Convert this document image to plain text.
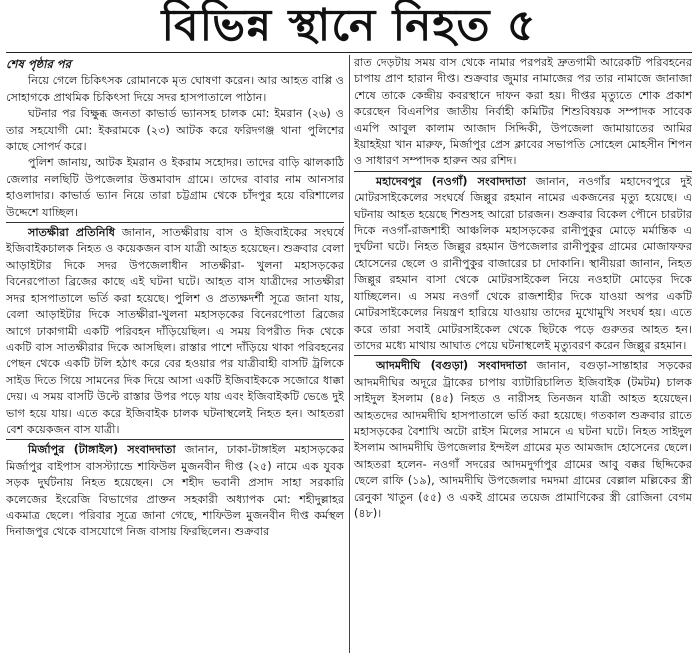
বিভিন্ন স্থানে নিহত ৫
শেষ পৃষ্ঠার পর

নিয়ে গেলে চিকিৎসক রোমানকে মৃত ঘোষণা করেন। আর আহত বাপ্পি ও সোহাগকে প্রাথমিক চিকিৎসা দিয়ে সদর হাসপাতালে পাঠান।

ঘটনার পর বিক্ষুব্ধ জনতা কাভার্ড ভ্যানসহ চালক মো: ইমরান (২৬) ও তার সহযোগী মো: ইকরামকে (২৩) আটক করে ফরিদগঞ্জ থানা পুলিশের কাছে সোপর্দ করে।

পুলিশ জানায়, আটক ইমরান ও ইকরাম সহোদর। তাদের বাড়ি ঝালকাঠি জেলার নলছিটি উপজেলার উত্তমাবাদ গ্রামে। তাদের বাবার নাম আনসার হাওলাদার। কাভার্ড ভ্যান নিয়ে তারা চট্টগ্রাম থেকে চাঁদপুর হয়ে বরিশালের উদ্দেশে যাচ্ছিল।

সাতক্ষীরা প্রতিনিধি জানান, সাতক্ষীরায় বাস ও ইজিবাইকের সংঘর্ষে ইজিবাইকচালক নিহত ও কয়েকজন বাস যাত্রী আহত হয়েছেন। শুক্রবার বেলা আড়াইটার দিকে সদর উপজেলাধীন সাতক্ষীরা- খুলনা মহাসড়কের বিনেরপোতা ব্রিজের কাছে এই ঘটনা ঘটে। আহত বাস যাত্রীদের সাতক্ষীরা সদর হাসপাতালে ভর্তি করা হয়েছে। পুলিশ ও প্রত্যক্ষদর্শী সূত্রে জানা যায়, বেলা আড়াইটার দিকে সাতক্ষীরা-খুলনা মহাসড়কের বিনেরপোতা ব্রিজের আগে ঢাকাগামী একটি পরিবহন দাঁড়িয়েছিল। এ সময় বিপরীত দিক থেকে একটি বাস সাতক্ষীরার দিকে আসছিল। রাস্তার পাশে দাঁড়িয়ে থাকা পরিবহনের পেছন থেকে একটি টলি হঠাৎ করে বের হওয়ার পর যাত্রীবাহী বাসটি ট্রলিকে সাইড দিতে গিয়ে সামনের দিক দিয়ে আসা একটি ইজিবাইককে সজোরে ধাক্কা দেয়। এ সময় বাসটি উল্টে রাস্তার উপর পড়ে যায় এবং ইজিবাইকটি ভেঙে দুই ভাগ হয়ে যায়। এতে করে ইজিবাইক চালক ঘটনাস্থলেই নিহত হন। আহতরা বেশ কয়েকজন বাস যাত্রী।

মির্জাপুর (টাঙ্গাইল) সংবাদদাতা জানান, ঢাকা-টাঙ্গাইল মহাসড়কের মির্জাপুর বাইপাস বাসস্ট্যান্ডে শাফিউল মুজনবীন দীপ্ত (২৫) নামে এক যুবক সড়ক দুর্ঘটনায় নিহত হয়েছেন। সে শহীদ ভবানী প্রসাদ সাহা সরকারি কলেজের ইংরেজি বিভাগের প্রাক্তন সহকারী অধ্যাপক মো: শহীদুল্লাহর একমাত্র ছেলে। পরিবার সূত্রে জানা গেছে, শাফিউল মুজনবীন দীপ্ত কর্মস্থল দিনাজপুর থেকে বাসযোগে নিজ বাসায় ফিরছিলেন। শুক্রবার

রাত দেড়টায় সময় বাস থেকে নামার পরপরই দ্রুতগামী আরেকটি পরিবহনের চাপায় প্রাণ হারান দীপ্ত। শুক্রবার জুমার নামাজের পর তার নামাজে জানাজা শেষে তাকে কেন্দ্রীয় কবরস্থানে দাফন করা হয়। দীপ্তর মৃত্যুতে শোক প্রকাশ করেছেন বিএনপির জাতীয় নির্বাহী কমিটির শিশুবিষয়ক সম্পাদক সাবেক এমপি আবুল কালাম আজাদ সিদ্দিকী, উপজেলা জামায়াতের আমির ইয়াহইয়া খান মারুফ, মির্জাপুর প্রেস ক্লাবের সভাপতি সোহেল মোহসীন শিপন ও সাধারণ সম্পাদক হারুন অর রশিদ।

মহাদেবপুর (নওগাঁ) সংবাদদাতা জানান, নওগাঁর মহাদেবপুরে দুই মোটরসাইকেলের সংঘর্ষে জিল্লুর রহমান নামের একজনের মৃত্যু হয়েছে। এ ঘটনায় আহত হয়েছে শিশুসহ আরো চারজন। শুক্রবার বিকেল পৌনে চারটার দিকে নওগাঁ-রাজশাহী আঞ্চলিক মহাসড়কের রানীপুকুর মোড়ে মর্মান্তিক এ দুর্ঘটনা ঘটে। নিহত জিল্লুর রহমান উপজেলার রানীপুকুর গ্রামের মোজাফফর হোসেনের ছেলে ও রানীপুকুর বাজারের চা দোকানি। স্থানীয়রা জানান, নিহত জিল্লুর রহমান বাসা থেকে মোটরসাইকেল নিয়ে নওহাটা মোড়ের দিকে যাচ্ছিলেন। এ সময় নওগাঁ থেকে রাজশাহীর দিকে যাওয়া অপর একটি মোটরসাইকেলের নিয়ন্ত্রণ হারিয়ে যাওয়ায় তাদের মুখোমুখি সংঘর্ষ হয়। এতে করে তারা সবাই মোটরসাইকেল থেকে ছিটকে পড়ে গুরুতর আহত হন। তাদের মধ্যে মাথায় আঘাত পেয়ে ঘটনাস্থলেই মৃত্যুবরণ করেন জিল্লুর রহমান।

আদমদীঘি (বগুড়া) সংবাদদাতা জানান, বগুড়া-সান্তাহার সড়কের আদমদীঘির অদূরে ট্রাকের চাপায় ব্যাটারিচালিত ইজিবাইক (টমটম) চালক সাইদুল ইসলাম (৪৫) নিহত ও নারীসহ তিনজন যাত্রী আহত হয়েছেন। আহতদের আদমদীঘি হাসপাতালে ভর্তি করা হয়েছে। গতকাল শুক্রবার রাতে মহাসড়কের বৈশাখি অটো রাইস মিলের সামনে এ ঘটনা ঘটে। নিহত সাইদুল ইসলাম আদমদীঘি উপজেলার ইন্দইল গ্রামের মৃত আমজাদ হোসেনের ছেলে। আহতরা হলেন- নওগাঁ সদরের আদমদুর্গাপুর গ্রামের আবু বক্কর ছিদ্দিকের ছেলে রাফি (১৯), আদমদীঘি উপজেলার দমদমা গ্রামের বেল্লাল মল্লিকের স্ত্রী রেনুকা খাতুন (৫৫) ও একই গ্রামের তয়েজ প্রামাণিকের স্ত্রী রোজিনা বেগম (৪৮)।
